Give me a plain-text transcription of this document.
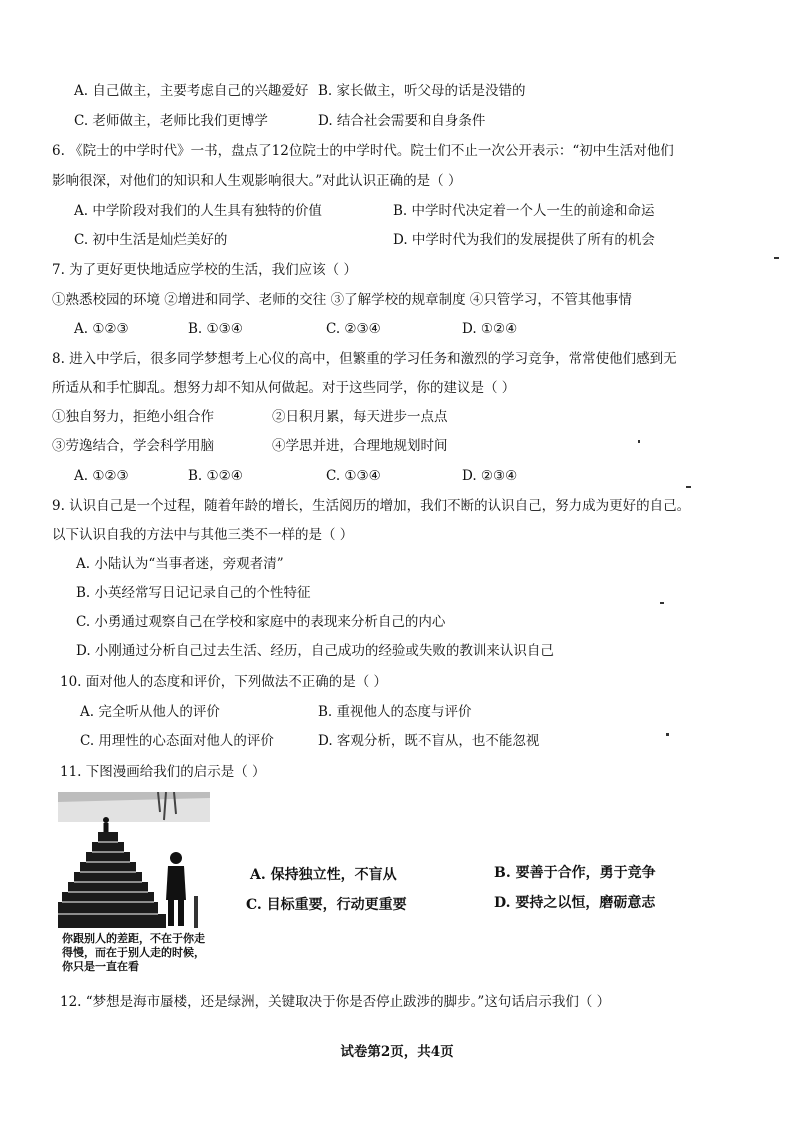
A. 自己做主，主要考虑自己的兴趣爱好 B. 家长做主，听父母的话是没错的
C. 老师做主，老师比我们更博学	D. 结合社会需要和自身条件
6. 《院士的中学时代》一书，盘点了12位院士的中学时代。院士们不止一次公开表示：“初中生活对他们
影响很深，对他们的知识和人生观影响很大。”对此认识正确的是（ ）
A. 中学阶段对我们的人生具有独特的价值	B. 中学时代决定着一个人一生的前途和命运
C. 初中生活是灿烂美好的	D. 中学时代为我们的发展提供了所有的机会
7. 为了更好更快地适应学校的生活，我们应该（ ）
①熟悉校园的环境 ②增进和同学、老师的交往 ③了解学校的规章制度 ④只管学习，不管其他事情
A. ①②③	B. ①③④	C. ②③④	D. ①②④
8. 进入中学后，很多同学梦想考上心仪的高中，但繁重的学习任务和激烈的学习竞争，常常使他们感到无
所适从和手忙脚乱。想努力却不知从何做起。对于这些同学，你的建议是（ ）
①独自努力，拒绝小组合作	②日积月累，每天进步一点点
③劳逸结合，学会科学用脑	④学思并进，合理地规划时间
A. ①②③	B. ①②④	C. ①③④	D. ②③④
9. 认识自己是一个过程，随着年龄的增长，生活阅历的增加，我们不断的认识自己，努力成为更好的自己。
以下认识自我的方法中与其他三类不一样的是（ ）
A. 小陆认为“当事者迷，旁观者清”
B. 小英经常写日记记录自己的个性特征
C. 小勇通过观察自己在学校和家庭中的表现来分析自己的内心
D. 小刚通过分析自己过去生活、经历，自己成功的经验或失败的教训来认识自己
10. 面对他人的态度和评价，下列做法不正确的是（ ）
A. 完全听从他人的评价	B. 重视他人的态度与评价
C. 用理性的心态面对他人的评价	D. 客观分析，既不盲从，也不能忽视
11. 下图漫画给我们的启示是（ ）
你跟别人的差距，不在于你走得慢，而在于别人走的时候，你只是一直在看
A. 保持独立性，不盲从	B. 要善于合作，勇于竞争
C. 目标重要，行动更重要	D. 要持之以恒，磨砺意志
12. “梦想是海市蜃楼，还是绿洲，关键取决于你是否停止跋涉的脚步。”这句话启示我们（ ）
试卷第2页，共4页
